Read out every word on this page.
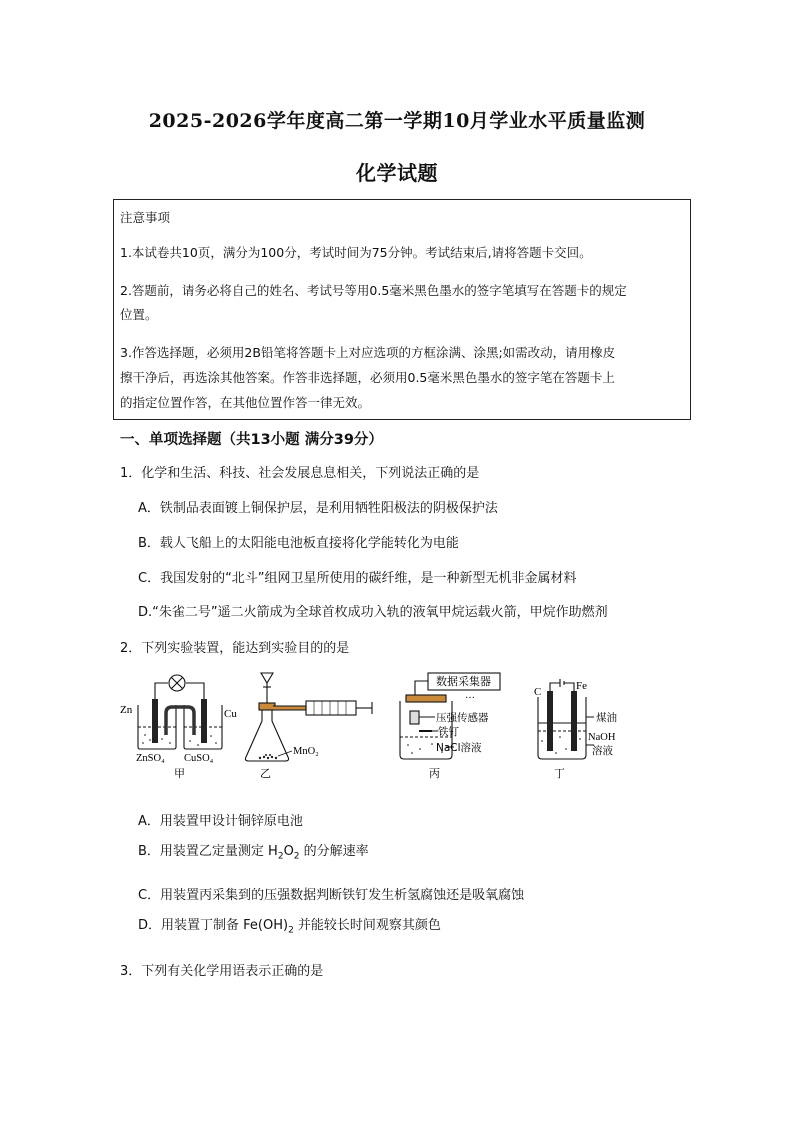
2025-2026学年度高二第一学期10月学业水平质量监测
化学试题
注意事项
1.本试卷共10页，满分为100分，考试时间为75分钟。考试结束后,请将答题卡交回。
2.答题前，请务必将自己的姓名、考试号等用0.5毫米黑色墨水的签字笔填写在答题卡的规定
位置。
3.作答选择题，必须用2B铅笔将答题卡上对应选项的方框涂满、涂黑;如需改动，请用橡皮
擦干净后，再选涂其他答案。作答非选择题，必须用0.5毫米黑色墨水的签字笔在答题卡上
的指定位置作答，在其他位置作答一律无效。
一、单项选择题（共13小题 满分39分）
1．化学和生活、科技、社会发展息息相关，下列说法正确的是
A．铁制品表面镀上铜保护层，是利用牺牲阳极法的阴极保护法
B．载人飞船上的太阳能电池板直接将化学能转化为电能
C．我国发射的“北斗”组网卫星所使用的碳纤维，是一种新型无机非金属材料
D.“朱雀二号”遥二火箭成为全球首枚成功入轨的液氧甲烷运载火箭，甲烷作助燃剂
2．下列实验装置，能达到实验目的的是
Zn	Cu
ZnSO₄ CuSO₄
甲
MnO₂
乙
数据采集器
…
压强传感器
铁钉
NaCl溶液
丙
C	Fe
煤油
NaOH
溶液
丁
A．用装置甲设计铜锌原电池
B．用装置乙定量测定 $H_2O_2$ 的分解速率
C．用装置丙采集到的压强数据判断铁钉发生析氢腐蚀还是吸氧腐蚀
D．用装置丁制备 $Fe(OH)_2$ 并能较长时间观察其颜色
3．下列有关化学用语表示正确的是
